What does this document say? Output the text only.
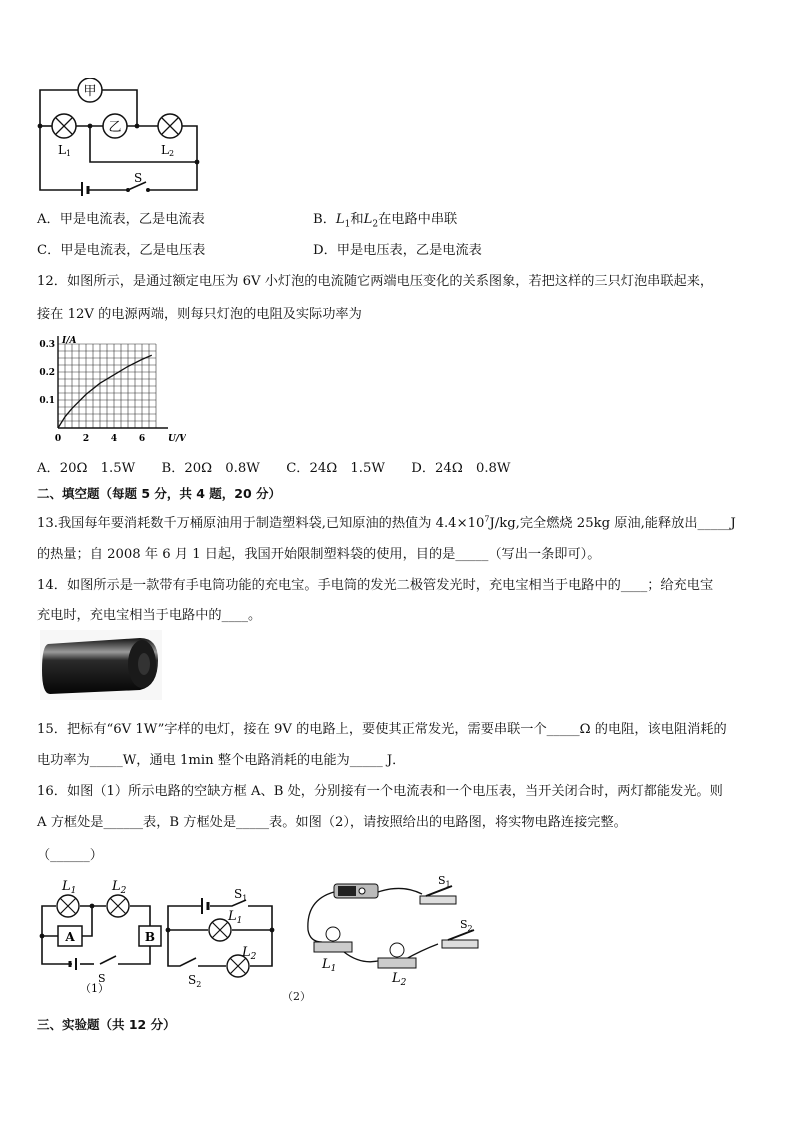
甲
乙
L1	L2
S
A．甲是电流表，乙是电流表	B．$L_1$和$L_2$在电路中串联
C．甲是电流表，乙是电压表	D．甲是电压表，乙是电流表
12．如图所示，是通过额定电压为 6V 小灯泡的电流随它两端电压变化的关系图象，若把这样的三只灯泡串联起来，
接在 12V 的电源两端，则每只灯泡的电阻及实际功率为
0 2 4 6
0.1
0.2
0.3
U/V
I/A
A．20Ω　1.5W　　B．20Ω　0.8W　　C．24Ω　1.5W　　D．24Ω　0.8W
二、填空题（每题 5 分，共 4 题，20 分）
13.我国每年要消耗数千万桶原油用于制造塑料袋,已知原油的热值为 $4.4\times 10^7J/kg$,完全燃烧 25kg 原油,能释放出_____J
的热量；自 2008 年 6 月 1 日起，我国开始限制塑料袋的使用，目的是_____（写出一条即可）。
14．如图所示是一款带有手电筒功能的充电宝。手电筒的发光二极管发光时，充电宝相当于电路中的____；给充电宝
充电时，充电宝相当于电路中的____。
15．把标有“6V 1W”字样的电灯，接在 9V 的电路上，要使其正常发光，需要串联一个_____Ω 的电阻，该电阻消耗的
电功率为_____W，通电 1min 整个电路消耗的电能为_____ J．
16．如图（1）所示电路的空缺方框 A、B 处，分别接有一个电流表和一个电压表，当开关闭合时，两灯都能发光。则
A 方框处是______表，B 方框处是_____表。如图（2），请按照给出的电路图，将实物电路连接完整。
（______）
A	B
$L_1$	$L_2$
S
（1）
$S_1$
$L_1$
$L_2$
$S_2$
$S_1$
$L_1$
$L_2$
$S_2$
（2）
三、实验题（共 12 分）
